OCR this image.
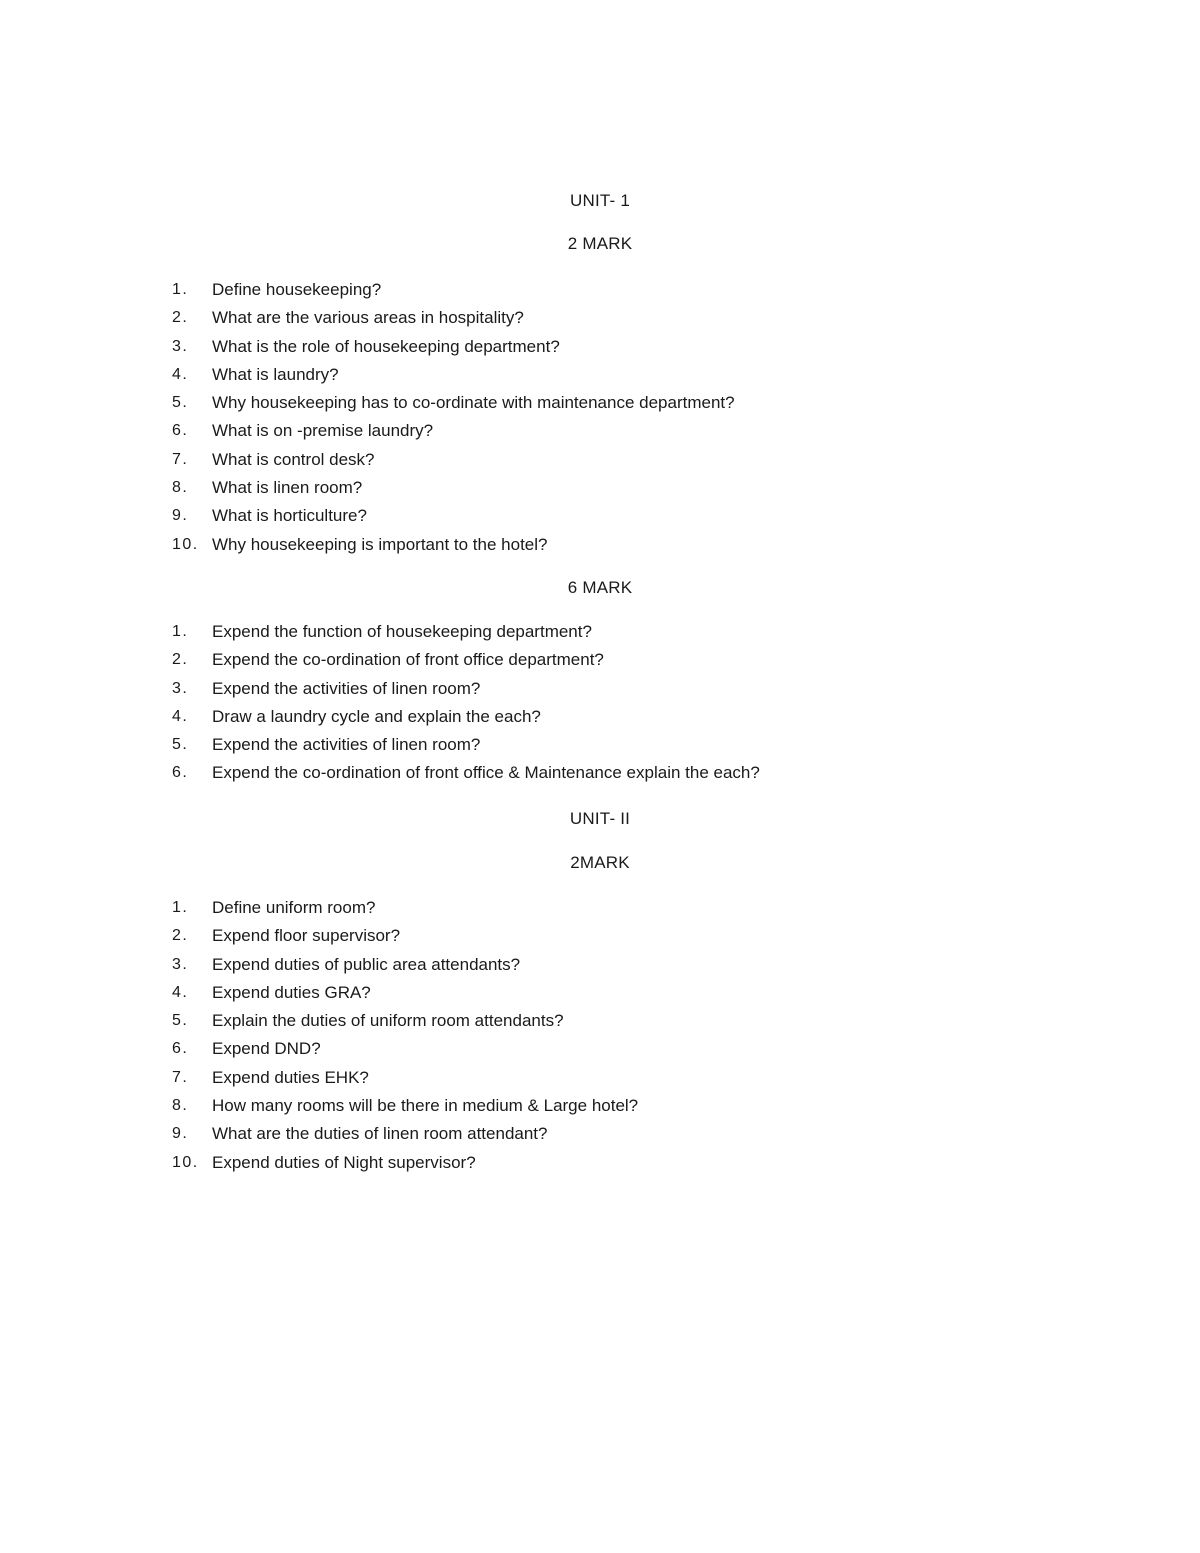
UNIT- 1
2 MARK
1.	Define housekeeping?
2.	What are the various areas in hospitality?
3.	What is the role of housekeeping department?
4.	What is laundry?
5.	Why housekeeping has to co-ordinate with maintenance department?
6.	What is on -premise laundry?
7.	What is control desk?
8.	What is linen room?
9.	What is horticulture?
10. Why housekeeping is important to the hotel?
6 MARK
1.	Expend the function of housekeeping department?
2.	Expend the co-ordination of front office department?
3.	Expend the activities of linen room?
4.	Draw a laundry cycle and explain the each?
5.	Expend the activities of linen room?
6.	Expend the co-ordination of front office & Maintenance explain the each?
UNIT- II
2MARK
1.	Define uniform room?
2.	Expend floor supervisor?
3.	Expend duties of public area attendants?
4.	Expend duties GRA?
5.	Explain the duties of uniform room attendants?
6.	Expend DND?
7.	Expend duties EHK?
8.	How many rooms will be there in medium & Large hotel?
9.	What are the duties of linen room attendant?
10. Expend duties of Night supervisor?
